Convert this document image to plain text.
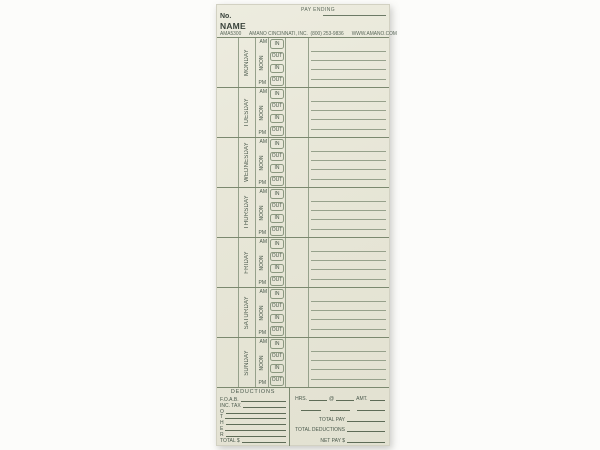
PAY ENDING
No.
NAME
AMA5300      AMANO CINCINNATI, INC.  (800) 253-9836      WWW.AMANO.COM
MONDAY
AM
NOON
PM
IN
OUT
IN
OUT
TUESDAY
AM
NOON
PM
IN
OUT
IN
OUT
WEDNESDAY
AM
NOON
PM
IN
OUT
IN
OUT
THURSDAY
AM
NOON
PM
IN
OUT
IN
OUT
FRIDAY
AM
NOON
PM
IN
OUT
IN
OUT
SATURDAY
AM
NOON
PM
IN
OUT
IN
OUT
SUNDAY
AM
NOON
PM
IN
OUT
IN
OUT
DEDUCTIONS
F.O.A.B.
INC. TAX
O
T
H
E
R
TOTAL $
HRS.	@	AMT.
TOTAL PAY
TOTAL DEDUCTIONS
NET PAY $
